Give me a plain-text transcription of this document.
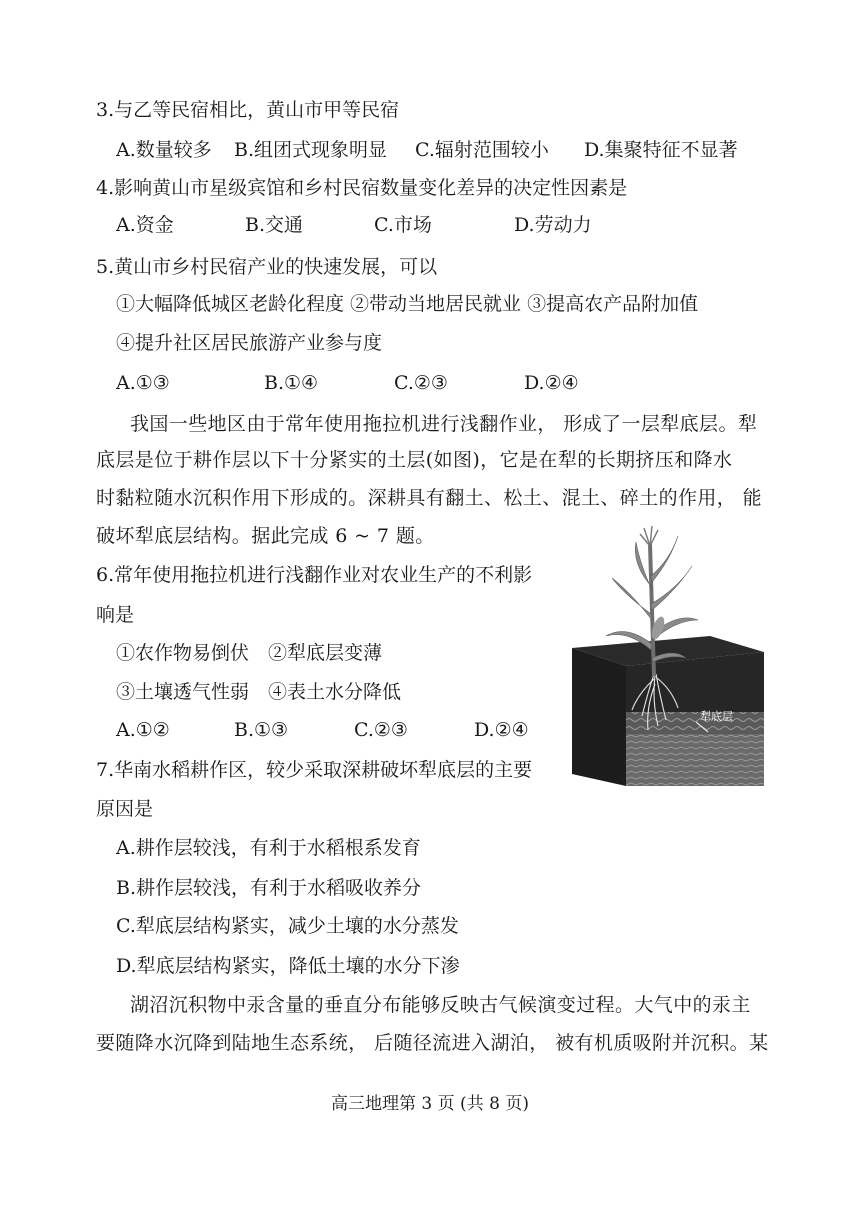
3.与乙等民宿相比，黄山市甲等民宿
A.数量较多 B.组团式现象明显 C.辐射范围较小 D.集聚特征不显著
4.影响黄山市星级宾馆和乡村民宿数量变化差异的决定性因素是
A.资金	B.交通	C.市场	D.劳动力
5.黄山市乡村民宿产业的快速发展，可以
①大幅降低城区老龄化程度 ②带动当地居民就业 ③提高农产品附加值
④提升社区居民旅游产业参与度
A.①③	B.①④	C.②③	D.②④
我国一些地区由于常年使用拖拉机进行浅翻作业， 形成了一层犁底层。犁
底层是位于耕作层以下十分紧实的土层(如图)，它是在犁的长期挤压和降水
时黏粒随水沉积作用下形成的。深耕具有翻土、松土、混土、碎土的作用， 能
破坏犁底层结构。据此完成 6 ~ 7 题。
犁底层
6.常年使用拖拉机进行浅翻作业对农业生产的不利影
响是
①农作物易倒伏　②犁底层变薄
③土壤透气性弱　④表土水分降低
A.①②	B.①③	C.②③	D.②④
7.华南水稻耕作区，较少采取深耕破坏犁底层的主要
原因是
A.耕作层较浅，有利于水稻根系发育
B.耕作层较浅，有利于水稻吸收养分
C.犁底层结构紧实，减少土壤的水分蒸发
D.犁底层结构紧实，降低土壤的水分下渗
湖沼沉积物中汞含量的垂直分布能够反映古气候演变过程。大气中的汞主
要随降水沉降到陆地生态系统， 后随径流进入湖泊， 被有机质吸附并沉积。某
高三地理第 3 页 (共 8 页)
